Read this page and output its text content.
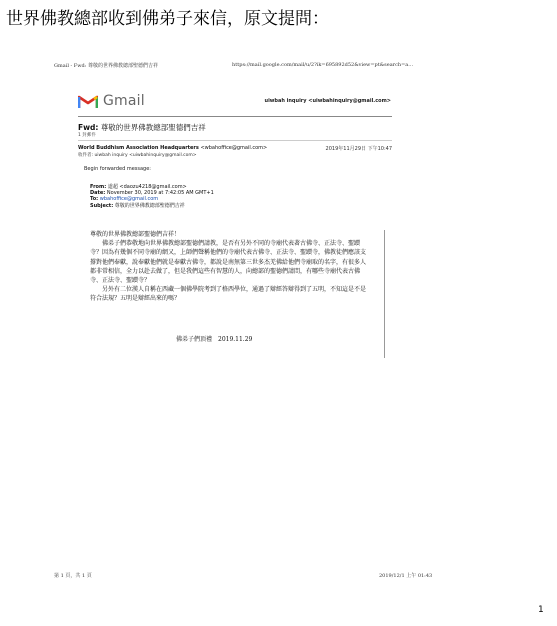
世界佛教總部收到佛弟子來信，原文提問：
Gmail - Fwd: 尊敬的世界佛教總部聖德們吉祥	https://mail.google.com/mail/u/2?ik=695892d52&view=pt&search=a...
Gmail	uiwbah inquiry <uiwbahinquiry@gmail.com>
Fwd: 尊敬的世界佛教總部聖德們吉祥
1 封郵件
World Buddhism Association Headquarters <wbahoffice@gmail.com>	2019年11月29日 下午10:47
收件者: uiwbah inquiry <uiwbahinquiry@gmail.com>
Begin forwarded message:
From: 道超 <daozu4218@gmail.com>
Date: November 30, 2019 at 7:42:05 AM GMT+1
To: wbahoffice@gmail.com
Subject: 尊敬的世界佛教總部聖德們吉祥

尊敬的世界佛教總部聖德們吉祥！

佛弟子們恭敬地向世界佛教總部聖德們請教，是否有另外不同的寺廟代表著古佛寺、正法寺、聖蹟寺？因為有幾個不同寺廟的網又，上師們聲稱他們的寺廟代表古佛寺、正法寺、聖蹟寺，佛教徒們應該支撐對他們奉獻，說奉獻他們就是奉獻古佛寺，都說是南無第三世多杰羌佛給他們寺廟取的名字，有很多人都非常相信，全力以赴去做了，但是我們這些有智慧的人，向總部的聖德們請問，有哪些寺廟代表古佛寺、正法寺、聖蹟寺？

另外有二位漢人自稱在西藏一個佛學院考到了格西學位，通過了辯經答辯得到了五明，不知這是不是符合法規？五明是辯經出來的嗎？

佛弟子們頂禮　2019.11.29
第 1 頁，共 1 頁	2019/12/1 上午 01:43
1
